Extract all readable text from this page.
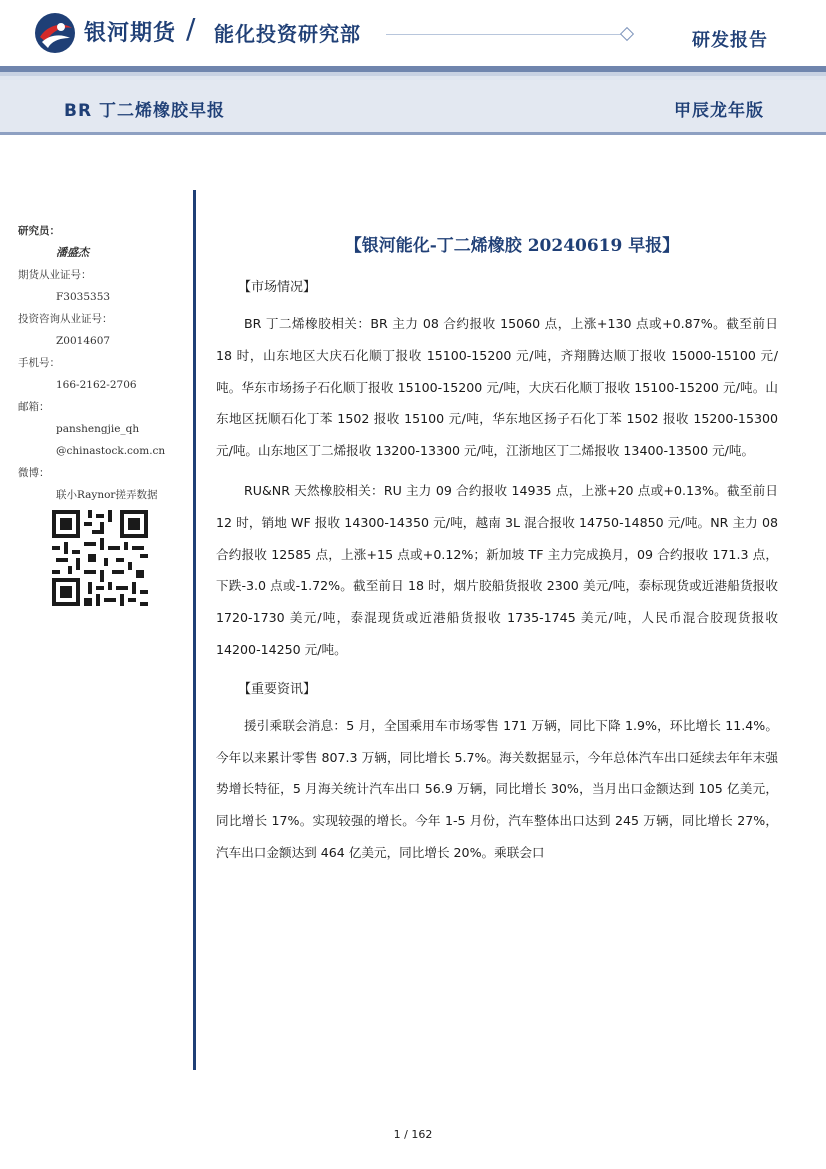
银河期货 / 能化投资研究部	研发报告
BR 丁二烯橡胶早报	甲辰龙年版
研究员：
潘盛杰
期货从业证号：
F3035353
投资咨询从业证号：
Z0014607
手机号：
166-2162-2706
邮箱：
panshengjie_qh
@chinastock.com.cn
微博：
联小Raynor搓弄数据
【银河能化-丁二烯橡胶 20240619 早报】
【市场情况】
BR 丁二烯橡胶相关：BR 主力 08 合约报收 15060 点，上涨+130 点或+0.87%。截至前日 18 时，山东地区大庆石化顺丁报收 15100-15200 元/吨，齐翔腾达顺丁报收 15000-15100 元/吨。华东市场扬子石化顺丁报收 15100-15200 元/吨，大庆石化顺丁报收 15100-15200 元/吨。山东地区抚顺石化丁苯 1502 报收 15100 元/吨，华东地区扬子石化丁苯 1502 报收 15200-15300 元/吨。山东地区丁二烯报收 13200-13300 元/吨，江浙地区丁二烯报收 13400-13500 元/吨。
RU&NR 天然橡胶相关：RU 主力 09 合约报收 14935 点，上涨+20 点或+0.13%。截至前日 12 时，销地 WF 报收 14300-14350 元/吨，越南 3L 混合报收 14750-14850 元/吨。NR 主力 08 合约报收 12585 点，上涨+15 点或+0.12%；新加坡 TF 主力完成换月，09 合约报收 171.3 点，下跌-3.0 点或-1.72%。截至前日 18 时，烟片胶船货报收 2300 美元/吨，泰标现货或近港船货报收 1720-1730 美元/吨，泰混现货或近港船货报收 1735-1745 美元/吨，人民币混合胶现货报收 14200-14250 元/吨。
【重要资讯】
援引乘联会消息：5 月，全国乘用车市场零售 171 万辆，同比下降 1.9%，环比增长 11.4%。今年以来累计零售 807.3 万辆，同比增长 5.7%。海关数据显示，今年总体汽车出口延续去年年末强势增长特征，5 月海关统计汽车出口 56.9 万辆，同比增长 30%，当月出口金额达到 105 亿美元，同比增长 17%。实现较强的增长。今年 1-5 月份，汽车整体出口达到 245 万辆，同比增长 27%，汽车出口金额达到 464 亿美元，同比增长 20%。乘联会口
1 / 162
